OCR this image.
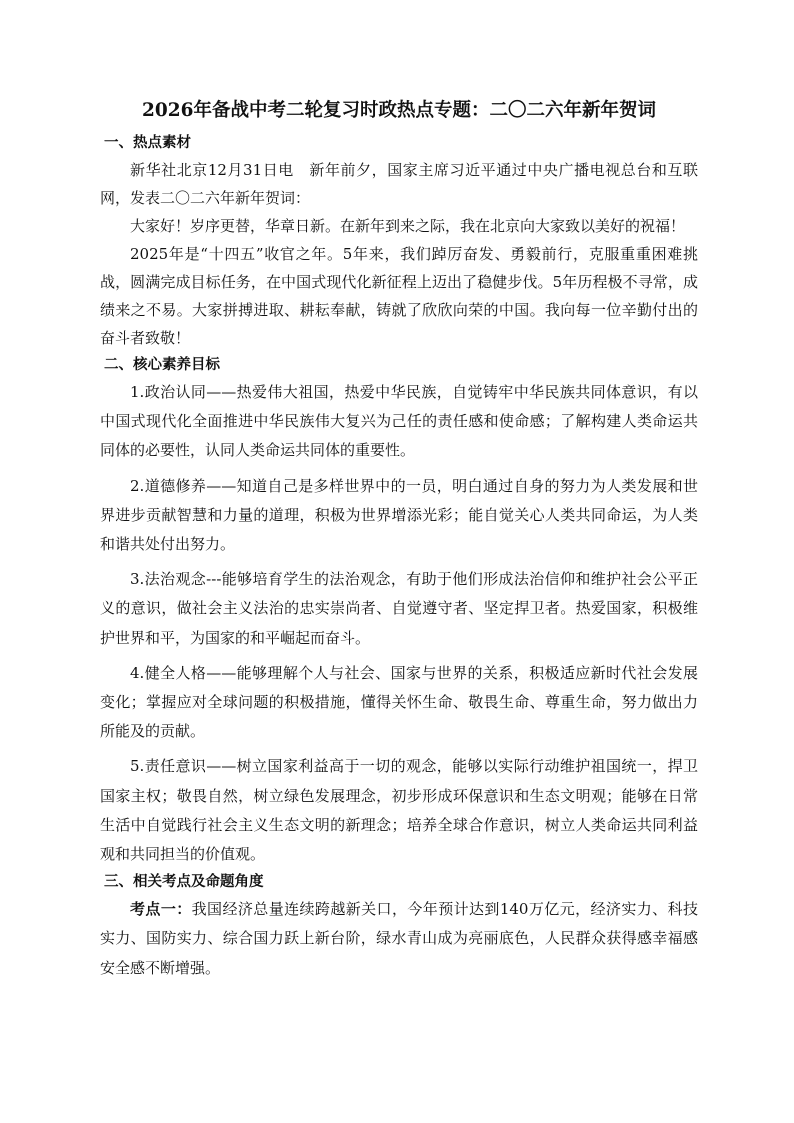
2026年备战中考二轮复习时政热点专题：二〇二六年新年贺词
一、热点素材

新华社北京12月31日电　新年前夕，国家主席习近平通过中央广播电视总台和互联网，发表二〇二六年新年贺词：

大家好！岁序更替，华章日新。在新年到来之际，我在北京向大家致以美好的祝福！

2025年是“十四五”收官之年。5年来，我们踔厉奋发、勇毅前行，克服重重困难挑战，圆满完成目标任务，在中国式现代化新征程上迈出了稳健步伐。5年历程极不寻常，成绩来之不易。大家拼搏进取、耕耘奉献，铸就了欣欣向荣的中国。我向每一位辛勤付出的奋斗者致敬！

二、核心素养目标

1.政治认同——热爱伟大祖国，热爱中华民族，自觉铸牢中华民族共同体意识，有以中国式现代化全面推进中华民族伟大复兴为己任的责任感和使命感；了解构建人类命运共同体的必要性，认同人类命运共同体的重要性。

2.道德修养——知道自己是多样世界中的一员，明白通过自身的努力为人类发展和世界进步贡献智慧和力量的道理，积极为世界增添光彩；能自觉关心人类共同命运，为人类和谐共处付出努力。

3.法治观念---能够培育学生的法治观念，有助于他们形成法治信仰和维护社会公平正义的意识，做社会主义法治的忠实崇尚者、自觉遵守者、坚定捍卫者。热爱国家，积极维护世界和平，为国家的和平崛起而奋斗。

4.健全人格——能够理解个人与社会、国家与世界的关系，积极适应新时代社会发展变化；掌握应对全球问题的积极措施，懂得关怀生命、敬畏生命、尊重生命，努力做出力所能及的贡献。

5.责任意识——树立国家利益高于一切的观念，能够以实际行动维护祖国统一，捍卫国家主权；敬畏自然，树立绿色发展理念，初步形成环保意识和生态文明观；能够在日常生活中自觉践行社会主义生态文明的新理念；培养全球合作意识，树立人类命运共同利益观和共同担当的价值观。

三、相关考点及命题角度

考点一：我国经济总量连续跨越新关口，今年预计达到140万亿元，经济实力、科技实力、国防实力、综合国力跃上新台阶，绿水青山成为亮丽底色，人民群众获得感幸福感安全感不断增强。
